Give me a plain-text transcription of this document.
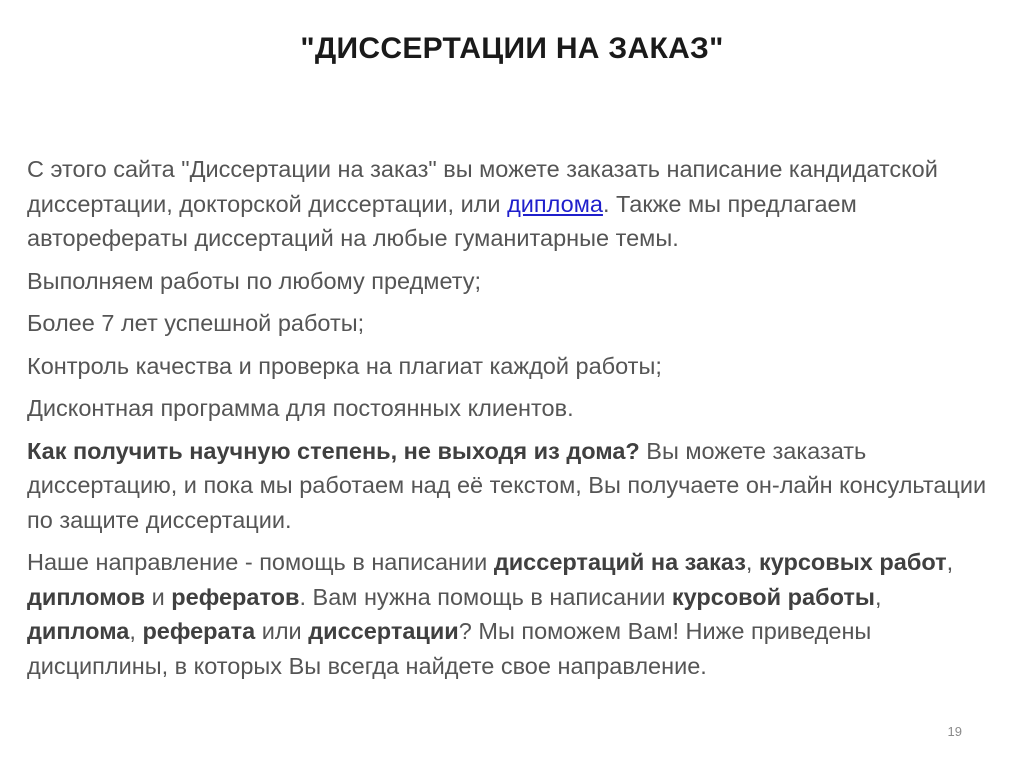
"ДИССЕРТАЦИИ НА ЗАКАЗ"

С этого сайта "Диссертации на заказ" вы можете заказать написание кандидатской диссертации, докторской диссертации, или диплома. Также мы предлагаем автореферaты диссертаций на любые гуманитарные темы.

Выполняем работы по любому предмету;

Более 7 лет успешной работы;

Контроль качества и проверка на плагиат каждой работы;

Дисконтная программа для постоянных клиентов.

Как получить научную степень, не выходя из дома? Вы можете заказать диссертацию, и пока мы работаем над её текстом, Вы получаете он-лайн консультации по защите диссертации.

Наше направление - помощь в написании диссертаций на заказ, курсовых работ, дипломов и рефератов. Вам нужна помощь в написании курсовой работы, диплома, реферата или диссертации? Мы поможем Вам! Ниже приведены дисциплины, в которых Вы всегда найдете свое направление.

19
